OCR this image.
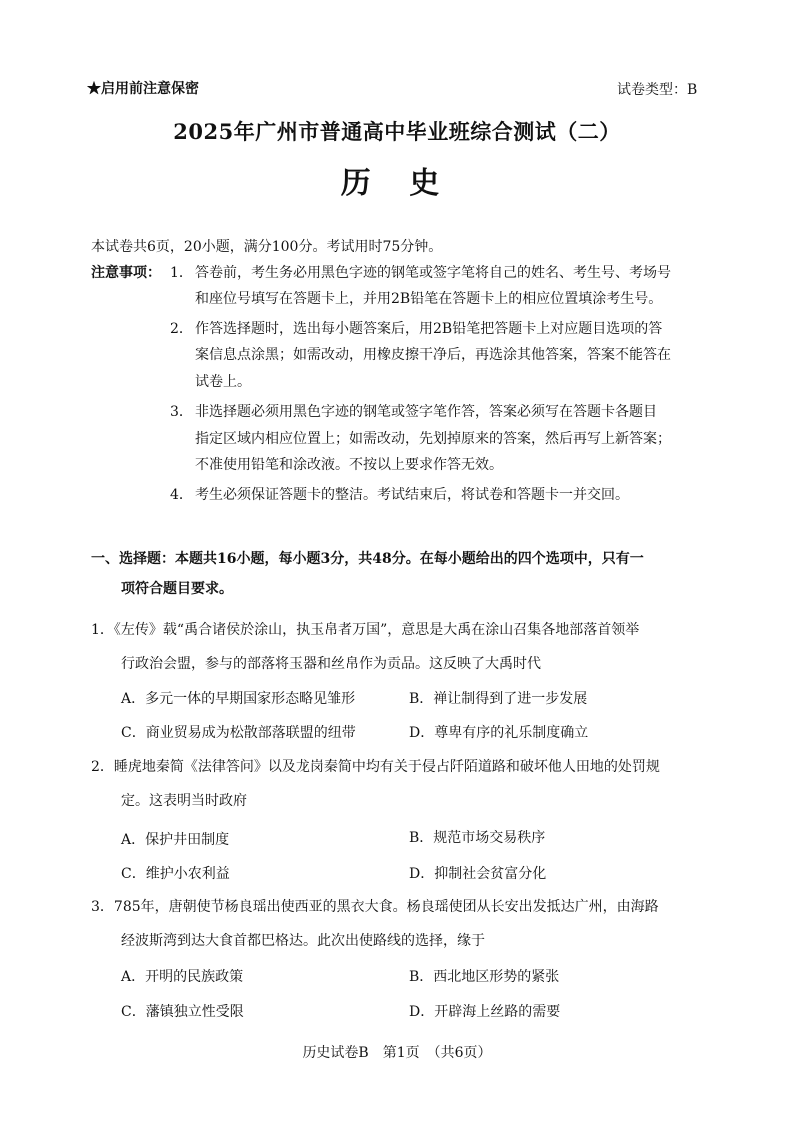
★启用前注意保密	试卷类型：B
2025年广州市普通高中毕业班综合测试（二）
历 史
本试卷共6页，20小题，满分100分。考试用时75分钟。
注意事项： 1． 答卷前，考生务必用黑色字迹的钢笔或签字笔将自己的姓名、考生号、考场号
和座位号填写在答题卡上，并用2B铅笔在答题卡上的相应位置填涂考生号。
2． 作答选择题时，选出每小题答案后，用2B铅笔把答题卡上对应题目选项的答
案信息点涂黑；如需改动，用橡皮擦干净后，再选涂其他答案，答案不能答在
试卷上。
3． 非选择题必须用黑色字迹的钢笔或签字笔作答，答案必须写在答题卡各题目
指定区域内相应位置上；如需改动，先划掉原来的答案，然后再写上新答案；
不准使用铅笔和涂改液。不按以上要求作答无效。
4． 考生必须保证答题卡的整洁。考试结束后，将试卷和答题卡一并交回。
一、选择题：本题共16小题，每小题3分，共48分。在每小题给出的四个选项中，只有一
项符合题目要求。
1．《左传》载“禹合诸侯於涂山，执玉帛者万国”，意思是大禹在涂山召集各地部落首领举
行政治会盟，参与的部落将玉器和丝帛作为贡品。这反映了大禹时代
A．多元一体的早期国家形态略见雏形	B．禅让制得到了进一步发展
C．商业贸易成为松散部落联盟的纽带	D．尊卑有序的礼乐制度确立
2．睡虎地秦简《法律答问》以及龙岗秦简中均有关于侵占阡陌道路和破坏他人田地的处罚规
定。这表明当时政府
A．保护井田制度	B．规范市场交易秩序
C．维护小农利益	D．抑制社会贫富分化
3．785年，唐朝使节杨良瑶出使西亚的黑衣大食。杨良瑶使团从长安出发抵达广州，由海路
经波斯湾到达大食首都巴格达。此次出使路线的选择，缘于
A．开明的民族政策	B．西北地区形势的紧张
C．藩镇独立性受限	D．开辟海上丝路的需要
历史试卷B　第1页　（共6页）
